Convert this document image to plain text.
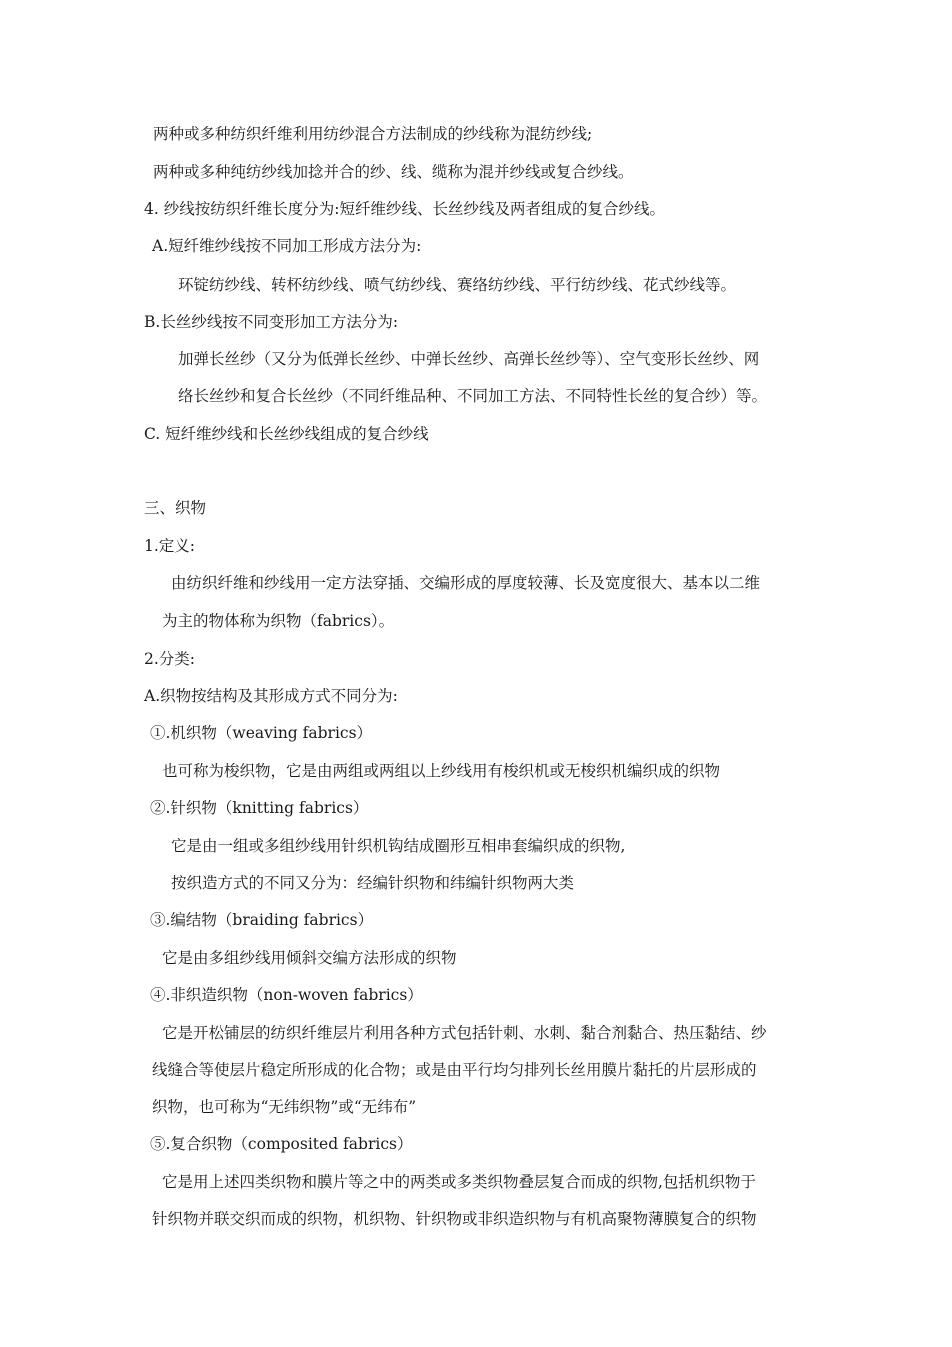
两种或多种纺织纤维利用纺纱混合方法制成的纱线称为混纺纱线;

两种或多种纯纺纱线加捻并合的纱、线、缆称为混并纱线或复合纱线。

4. 纱线按纺织纤维长度分为:短纤维纱线、长丝纱线及两者组成的复合纱线。

A.短纤维纱线按不同加工形成方法分为:

环锭纺纱线、转杯纺纱线、喷气纺纱线、赛络纺纱线、平行纺纱线、花式纱线等。

B.长丝纱线按不同变形加工方法分为:

加弹长丝纱（又分为低弹长丝纱、中弹长丝纱、高弹长丝纱等）、空气变形长丝纱、网

络长丝纱和复合长丝纱（不同纤维品种、不同加工方法、不同特性长丝的复合纱）等。

C. 短纤维纱线和长丝纱线组成的复合纱线

三、织物

1.定义:

由纺织纤维和纱线用一定方法穿插、交编形成的厚度较薄、长及宽度很大、基本以二维

为主的物体称为织物（fabrics）。

2.分类:

A.织物按结构及其形成方式不同分为:

①.机织物（weaving fabrics）

也可称为梭织物，它是由两组或两组以上纱线用有梭织机或无梭织机编织成的织物

②.针织物（knitting fabrics）

它是由一组或多组纱线用针织机钩结成圈形互相串套编织成的织物,

按织造方式的不同又分为：经编针织物和纬编针织物两大类

③.编结物（braiding fabrics）

它是由多组纱线用倾斜交编方法形成的织物

④.非织造织物（non-woven fabrics）

它是开松铺层的纺织纤维层片利用各种方式包括针刺、水刺、黏合剂黏合、热压黏结、纱

线缝合等使层片稳定所形成的化合物；或是由平行均匀排列长丝用膜片黏托的片层形成的

织物，也可称为“无纬织物”或“无纬布”

⑤.复合织物（composited fabrics）

它是用上述四类织物和膜片等之中的两类或多类织物叠层复合而成的织物,包括机织物于

针织物并联交织而成的织物，机织物、针织物或非织造织物与有机高聚物薄膜复合的织物
